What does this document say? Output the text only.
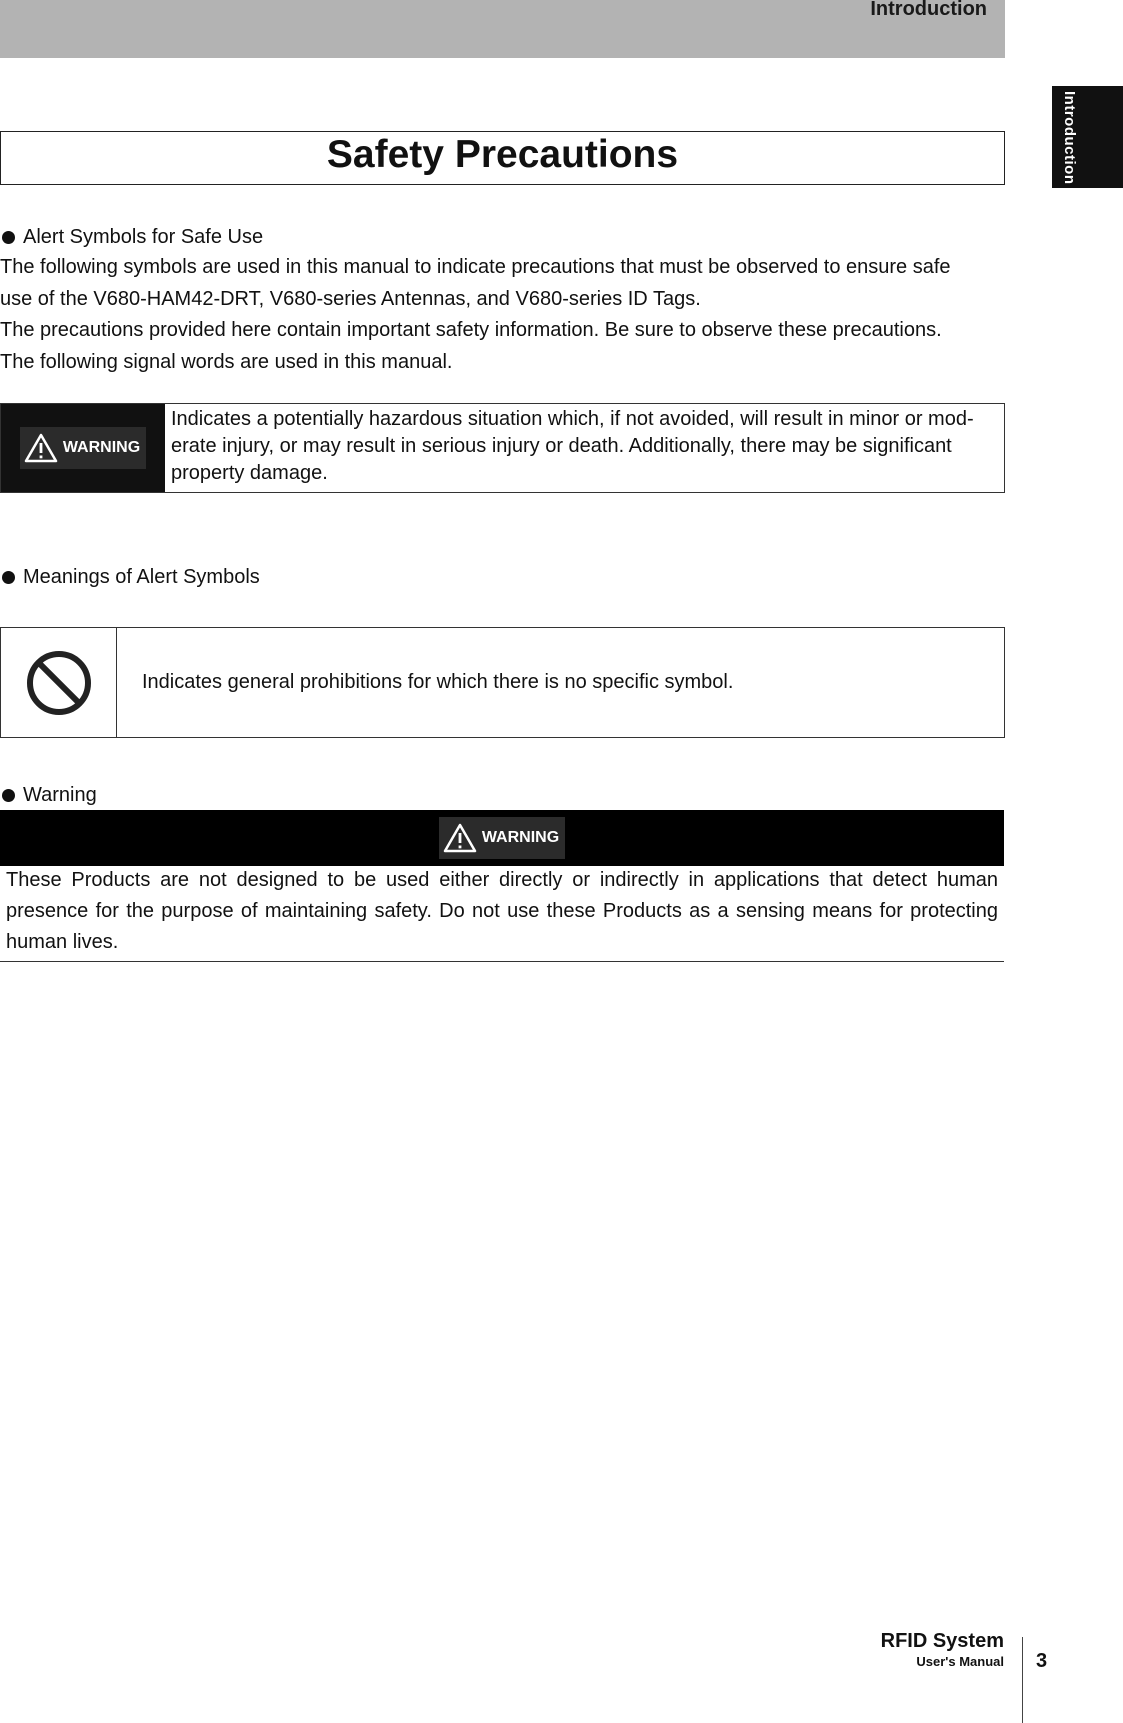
Introduction
Introduction
Safety Precautions
Alert Symbols for Safe Use

The following symbols are used in this manual to indicate precautions that must be observed to ensure safe

use of the V680-HAM42-DRT, V680-series Antennas, and V680-series ID Tags.

The precautions provided here contain important safety information. Be sure to observe these precautions.

The following signal words are used in this manual.

WARNING
Indicates a potentially hazardous situation which, if not avoided, will result in minor or mod-erate injury, or may result in serious injury or death. Additionally, there may be significant property damage.
Meanings of Alert Symbols
Indicates general prohibitions for which there is no specific symbol.
Warning
WARNING
These Products are not designed to be used either directly or indirectly in applications that detect human presence for the purpose of maintaining safety. Do not use these Products as a sensing means for protecting human lives.
RFID System
User's Manual 3
